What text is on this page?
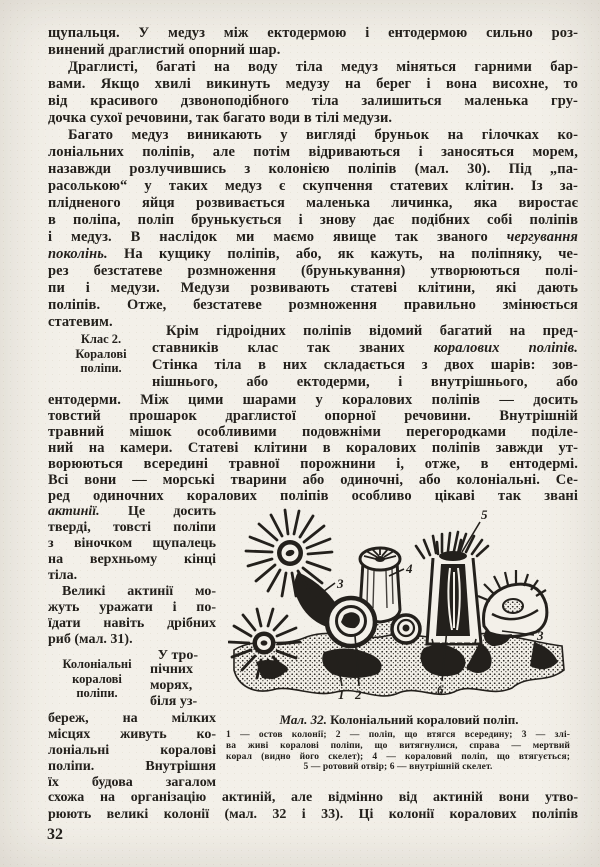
щупальця. У медуз між ектодермою і ентодермою сильно роз-
винений драглистий опорний шар.
Драглисті, багаті на воду тіла медуз міняться гарними бар-
вами. Якщо хвилі викинуть медузу на берег і вона висохне, то
від красивого дзвоноподібного тіла залишиться маленька гру-
дочка сухої речовини, так багато води в тілі медузи.
Багато медуз виникають у вигляді бруньок на гілочках ко-
лоніальних поліпів, але потім відриваються і заносяться морем,
назавжди розлучившись з колонією поліпів (мал. 30). Під „па-
расолькою“ у таких медуз є скупчення статевих клітин. Із за-
плідненого яйця розвивається маленька личинка, яка виростає
в поліпа, поліп брунькується і знову дає подібних собі поліпів
і медуз. В наслідок ми маємо явище так званого чергування
поколінь. На кущику поліпів, або, як кажуть, на поліпняку, че-
рез безстатеве розмноження (брунькування) утворюються полі-
пи і медузи. Медузи розвивають статеві клітини, які дають
поліпів. Отже, безстатеве розмноження правильно змінюється
статевим.
Клас 2.
Коралові
поліпи.
Крім гідроідних поліпів відомий багатий на пред-
ставників клас так званих коралових поліпів.
Стінка тіла в них складається з двох шарів: зов-
нішнього, або ектодерми, і внутрішнього, або
ентодерми. Між цими шарами у коралових поліпів — досить
товстий прошарок драглистої опорної речовини. Внутрішній
травний мішок особливими подовжніми перегородками поділе-
ний на камери. Статеві клітини в коралових поліпів завжди ут-
ворюються всередині травної порожнини і, отже, в ентодермі.
Всі вони — морські тварини або одиночні, або колоніальні. Се-
ред одиночних коралових поліпів особливо цікаві так звані
актинії. Це досить
тверді, товсті поліпи
з віночком щупалець
на верхньому кінці
тіла.
Великі актинії мо-
жуть уражати і по-
їдати навіть дрібних
риб (мал. 31).
У тро-
Колоніальні
коралові
поліпи.
пічних
морях,
біля уз-
береж, на мілких
місцях живуть ко-
лоніальні коралові
поліпи. Внутрішня
їх будова загалом
3
4
5
3
6
1 2
Мал. 32. Колоніальний кораловий поліп.
1 — остов колонії; 2 — поліп, що втягся всередину; 3 — злі-
ва живі коралові поліпи, що витягнулися, справа — мертвий
корал (видно його скелет); 4 — кораловий поліп, що втягується;
5 — ротовий отвір; 6 — внутрішній скелет.
схожа на організацію актиній, але відмінно від актиній вони утво-
рюють великі колонії (мал. 32 і 33). Ці колонії коралових поліпів
32
